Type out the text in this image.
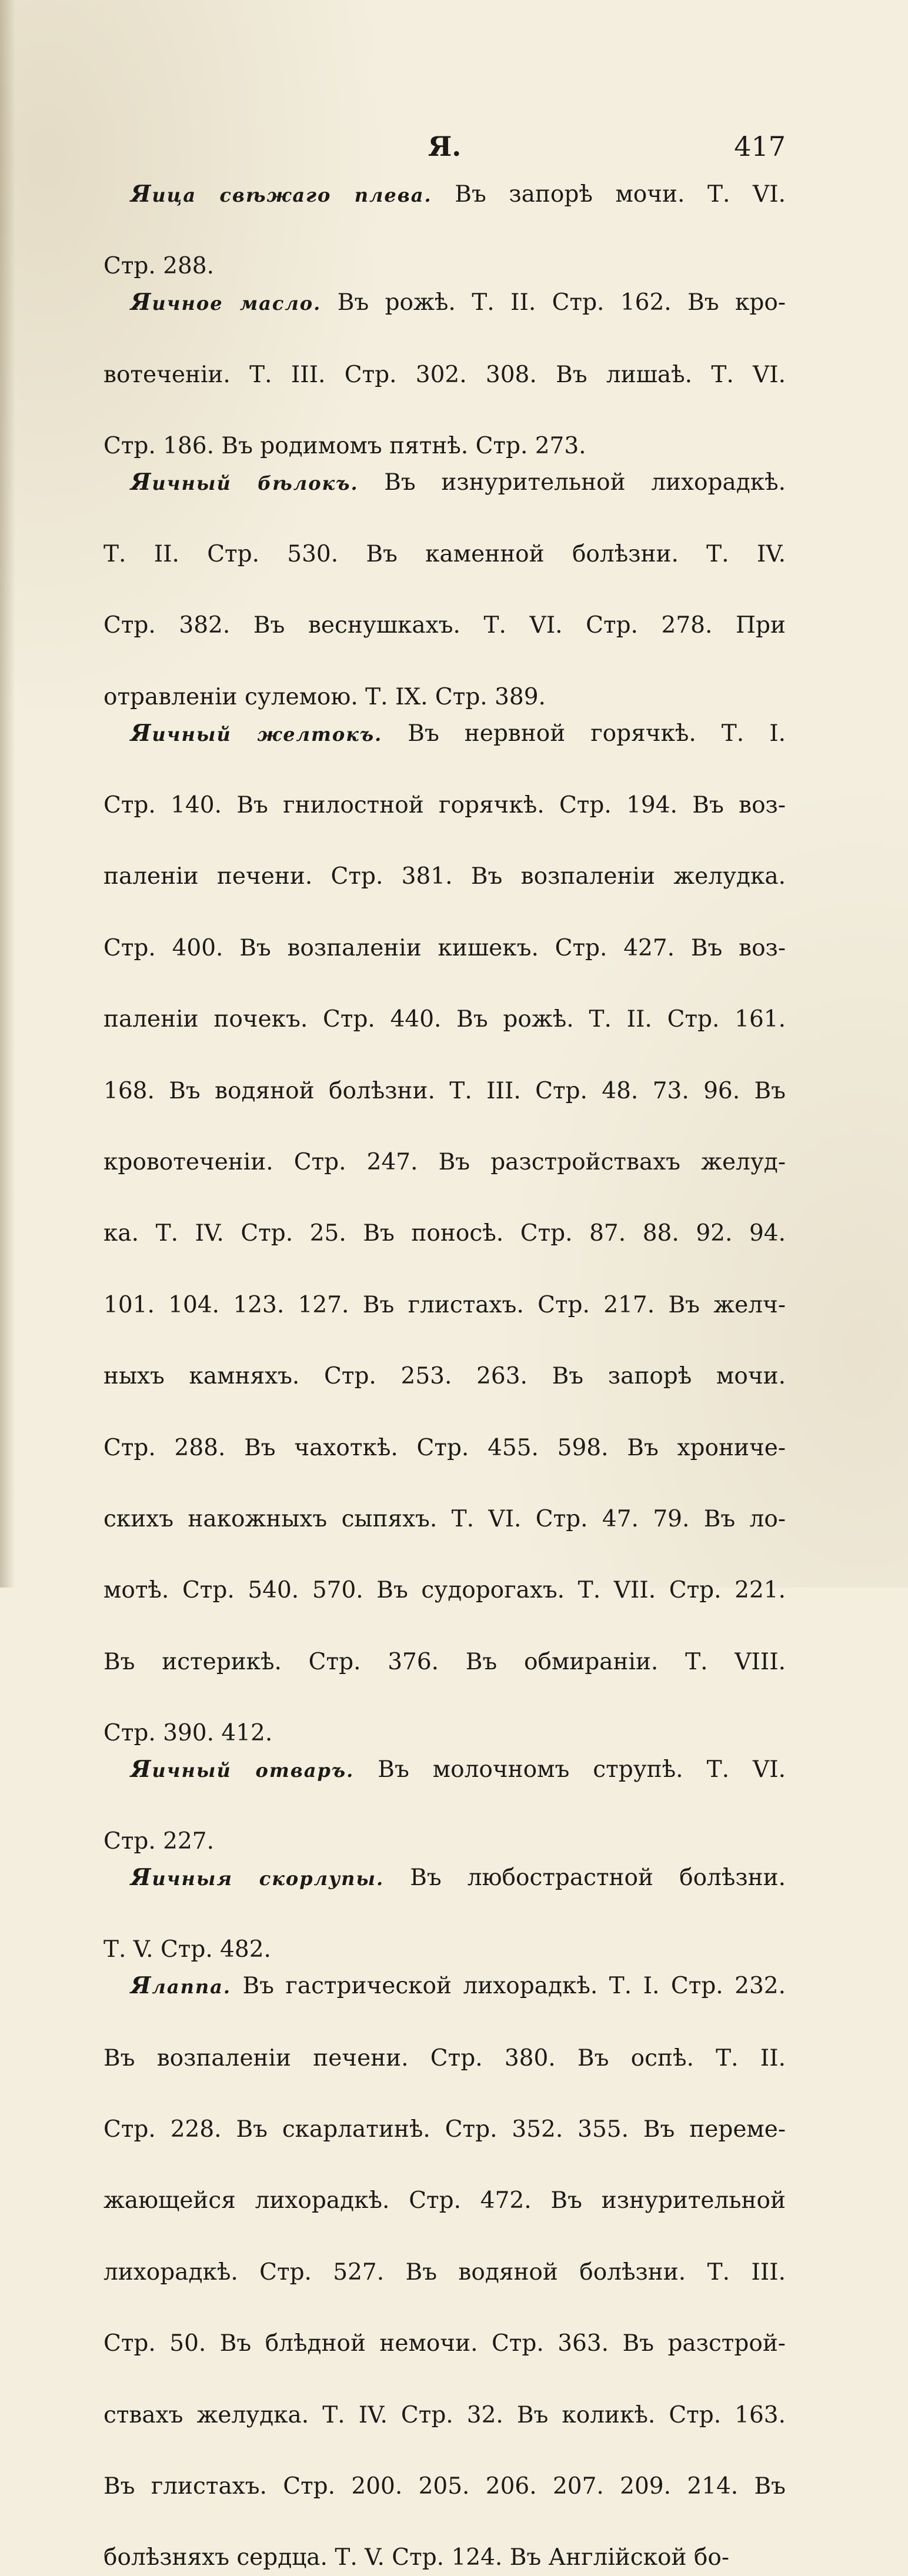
Я.	417
Яица свѣжаго плева. Въ запорѣ мочи. Т. VI.Стр. 288.
Яичное масло. Въ рожѣ. Т. II. Стр. 162. Въ кро-вотеченіи. Т. III. Стр. 302. 308. Въ лишаѣ. Т. VI.Стр. 186. Въ родимомъ пятнѣ. Стр. 273.
Яичный бѣлокъ. Въ изнурительной лихорадкѣ.Т. II. Стр. 530. Въ каменной болѣзни. Т. IV.Стр. 382. Въ веснушкахъ. Т. VI. Стр. 278. Приотравленіи сулемою. Т. IX. Стр. 389.
Яичный желтокъ. Въ нервной горячкѣ. Т. I.Стр. 140. Въ гнилостной горячкѣ. Стр. 194. Въ воз-паленіи печени. Стр. 381. Въ возпаленіи желудка.Стр. 400. Въ возпаленіи кишекъ. Стр. 427. Въ воз-паленіи почекъ. Стр. 440. Въ рожѣ. Т. II. Стр. 161.168. Въ водяной болѣзни. Т. III. Стр. 48. 73. 96. Въкровотеченіи. Стр. 247. Въ разстройствахъ желуд-ка. Т. IV. Стр. 25. Въ поносѣ. Стр. 87. 88. 92. 94.101. 104. 123. 127. Въ глистахъ. Стр. 217. Въ желч-ныхъ камняхъ. Стр. 253. 263. Въ запорѣ мочи.Стр. 288. Въ чахоткѣ. Стр. 455. 598. Въ хрониче-скихъ накожныхъ сыпяхъ. Т. VI. Стр. 47. 79. Въ ло-мотѣ. Стр. 540. 570. Въ судорогахъ. Т. VII. Стр. 221.Въ истерикѣ. Стр. 376. Въ обмираніи. Т. VIII.Стр. 390. 412.
Яичный отваръ. Въ молочномъ струпѣ. Т. VI.Стр. 227.
Яичныя скорлупы. Въ любострастной болѣзни.Т. V. Стр. 482.
Ялаппа. Въ гастрической лихорадкѣ. Т. I. Стр. 232.Въ возпаленіи печени. Стр. 380. Въ оспѣ. Т. II.Стр. 228. Въ скарлатинѣ. Стр. 352. 355. Въ переме-жающейся лихорадкѣ. Стр. 472. Въ изнурительнойлихорадкѣ. Стр. 527. Въ водяной болѣзни. Т. III.Стр. 50. Въ блѣдной немочи. Стр. 363. Въ разстрой-ствахъ желудка. Т. IV. Стр. 32. Въ коликѣ. Стр. 163.Въ глистахъ. Стр. 200. 205. 206. 207. 209. 214. Въболѣзняхъ сердца. Т. V. Стр. 124. Въ Англійской бо-
